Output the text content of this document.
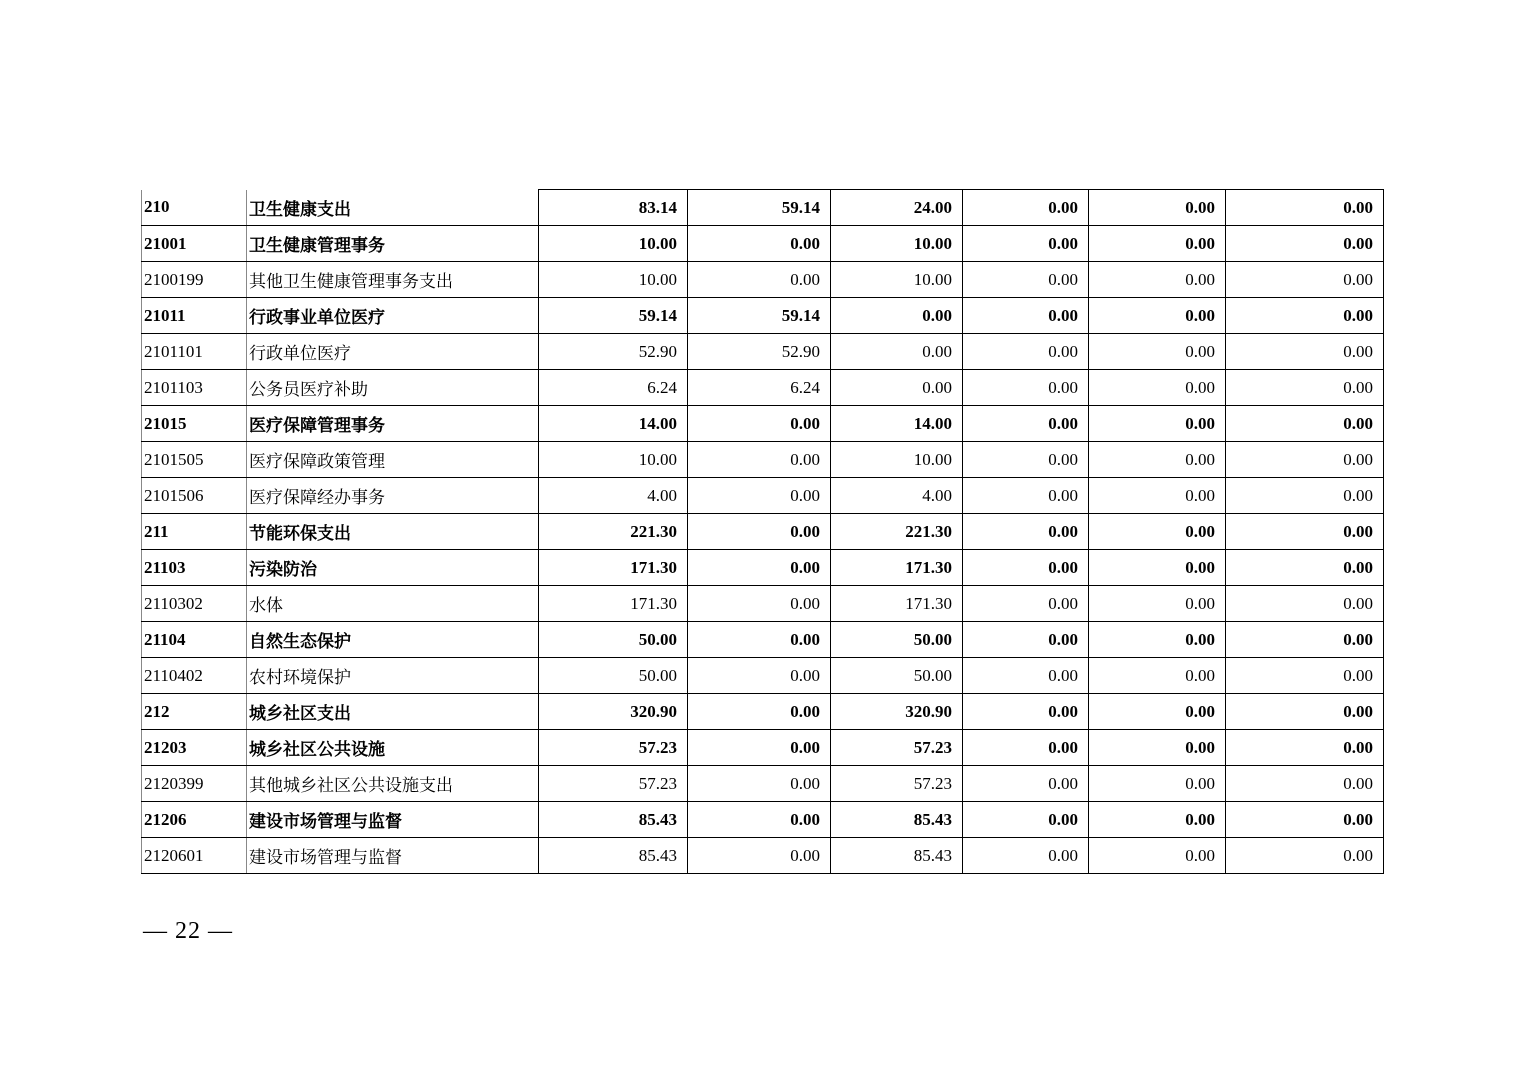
210	卫生健康支出	83.14	59.14	24.00	0.00	0.00	0.00
21001	卫生健康管理事务	10.00	0.00	10.00	0.00	0.00	0.00
2100199	其他卫生健康管理事务支出	10.00	0.00	10.00	0.00	0.00	0.00
21011	行政事业单位医疗	59.14	59.14	0.00	0.00	0.00	0.00
2101101	行政单位医疗	52.90	52.90	0.00	0.00	0.00	0.00
2101103	公务员医疗补助	6.24	6.24	0.00	0.00	0.00	0.00
21015	医疗保障管理事务	14.00	0.00	14.00	0.00	0.00	0.00
2101505	医疗保障政策管理	10.00	0.00	10.00	0.00	0.00	0.00
2101506	医疗保障经办事务	4.00	0.00	4.00	0.00	0.00	0.00
211	节能环保支出	221.30	0.00	221.30	0.00	0.00	0.00
21103	污染防治	171.30	0.00	171.30	0.00	0.00	0.00
2110302	水体	171.30	0.00	171.30	0.00	0.00	0.00
21104	自然生态保护	50.00	0.00	50.00	0.00	0.00	0.00
2110402	农村环境保护	50.00	0.00	50.00	0.00	0.00	0.00
212	城乡社区支出	320.90	0.00	320.90	0.00	0.00	0.00
21203	城乡社区公共设施	57.23	0.00	57.23	0.00	0.00	0.00
2120399	其他城乡社区公共设施支出	57.23	0.00	57.23	0.00	0.00	0.00
21206	建设市场管理与监督	85.43	0.00	85.43	0.00	0.00	0.00
2120601	建设市场管理与监督	85.43	0.00	85.43	0.00	0.00	0.00
— 22 —
